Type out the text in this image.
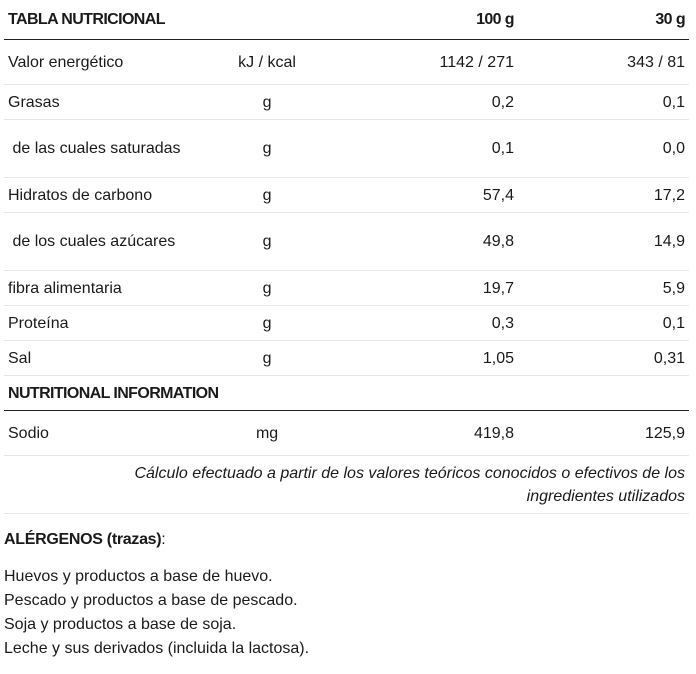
TABLA NUTRICIONAL		100 g	30 g
Valor energético	kJ / kcal	1142 / 271	343 / 81
Grasas	g	0,2	0,1
de las cuales saturadas	g	0,1	0,0
Hidratos de carbono	g	57,4	17,2
de los cuales azúcares	g	49,8	14,9
fibra alimentaria	g	19,7	5,9
Proteína	g	0,3	0,1
Sal	g	1,05	0,31
NUTRITIONAL INFORMATION			
Sodio	mg	419,8	125,9
Cálculo efectuado a partir de los valores teóricos conocidos o efectivos de los ingredientes utilizados			

ALÉRGENOS (trazas):

Huevos y productos a base de huevo.
Pescado y productos a base de pescado.
Soja y productos a base de soja.
Leche y sus derivados (incluida la lactosa).
